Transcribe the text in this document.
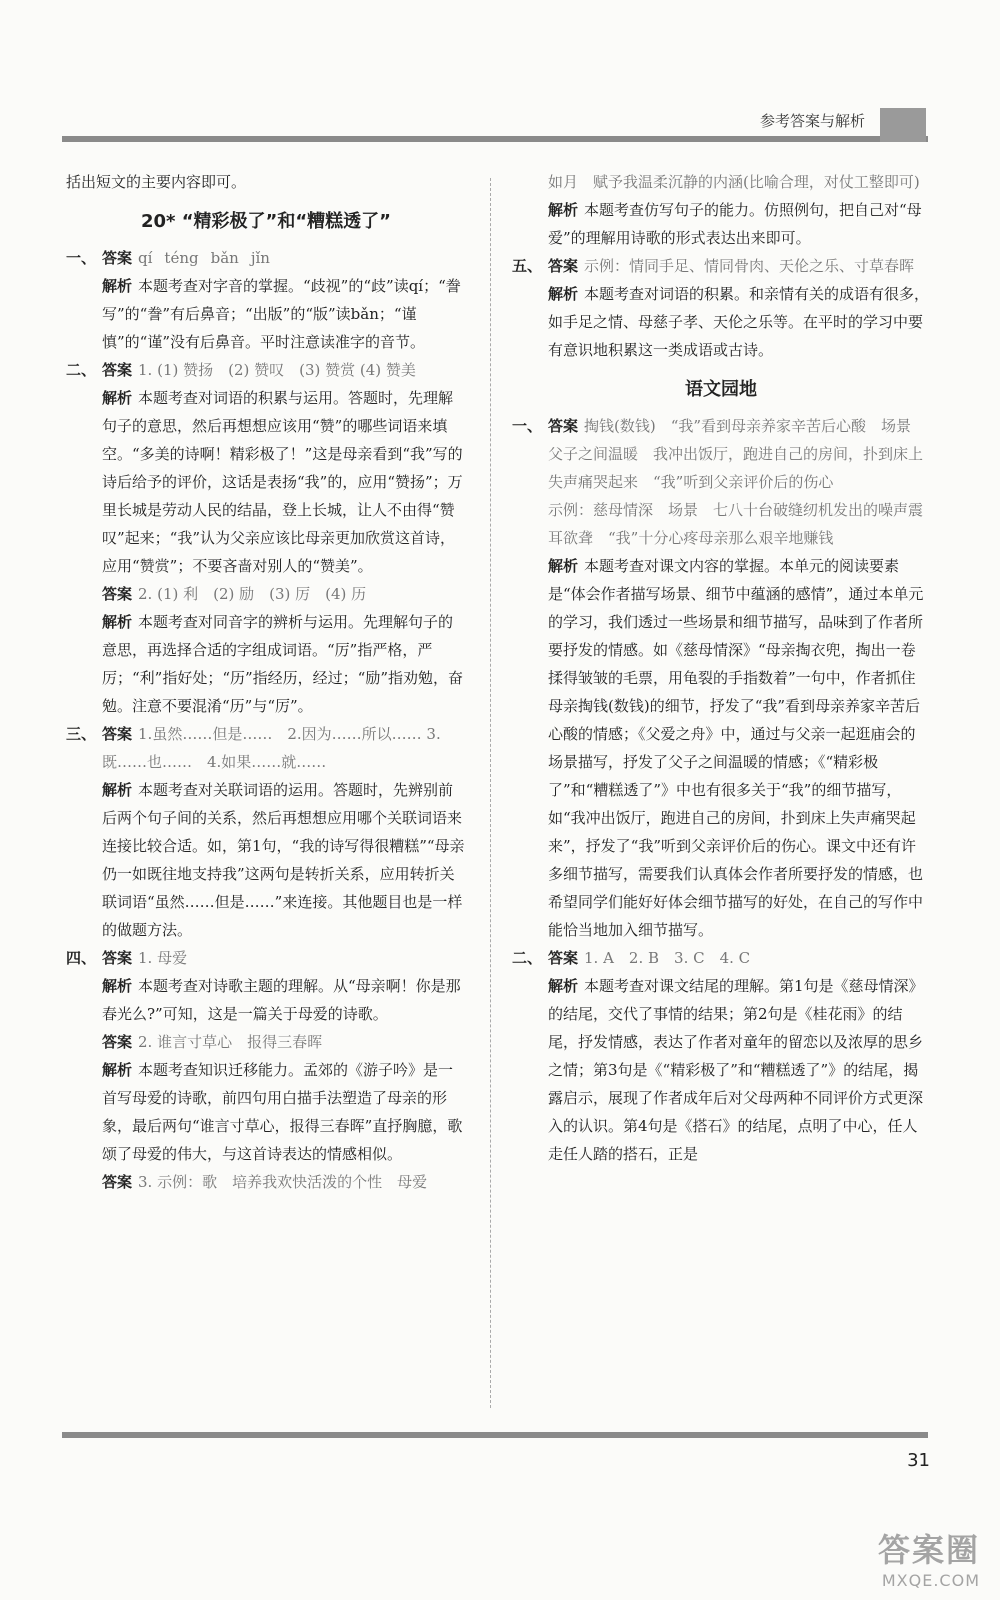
参考答案与解析

括出短文的主要内容即可。

20* “精彩极了”和“糟糕透了”
一、 答案 qí téng bǎn jǐn

解析 本题考查对字音的掌握。“歧视”的“歧”读qí；“誊写”的“誊”有后鼻音；“出版”的“版”读bǎn；“谨慎”的“谨”没有后鼻音。平时注意读准字的音节。

二、 答案 1. (1) 赞扬　(2) 赞叹　(3) 赞赏 (4) 赞美

解析 本题考查对词语的积累与运用。答题时，先理解句子的意思，然后再想想应该用“赞”的哪些词语来填空。“多美的诗啊！精彩极了！”这是母亲看到“我”写的诗后给予的评价，这话是表扬“我”的，应用“赞扬”；万里长城是劳动人民的结晶，登上长城，让人不由得“赞叹”起来；“我”认为父亲应该比母亲更加欣赏这首诗，应用“赞赏”；不要吝啬对别人的“赞美”。

答案 2. (1) 利　(2) 励　(3) 厉　(4) 历

解析 本题考查对同音字的辨析与运用。先理解句子的意思，再选择合适的字组成词语。“厉”指严格，严厉；“利”指好处；“历”指经历，经过；“励”指劝勉，奋勉。注意不要混淆“历”与“厉”。

三、 答案 1.虽然……但是……　2.因为……所以…… 3.既……也……　4.如果……就……

解析 本题考查对关联词语的运用。答题时，先辨别前后两个句子间的关系，然后再想想应用哪个关联词语来连接比较合适。如，第1句，“我的诗写得很糟糕”“母亲仍一如既往地支持我”这两句是转折关系，应用转折关联词语“虽然……但是……”来连接。其他题目也是一样的做题方法。

四、 答案 1. 母爱

解析 本题考查对诗歌主题的理解。从“母亲啊！你是那春光么?”可知，这是一篇关于母爱的诗歌。

答案 2. 谁言寸草心　报得三春晖

解析 本题考查知识迁移能力。孟郊的《游子吟》是一首写母爱的诗歌，前四句用白描手法塑造了母亲的形象，最后两句“谁言寸草心，报得三春晖”直抒胸臆，歌颂了母爱的伟大，与这首诗表达的情感相似。

答案 3. 示例：歌　培养我欢快活泼的个性　母爱

如月　赋予我温柔沉静的内涵(比喻合理，对仗工整即可)

解析 本题考查仿写句子的能力。仿照例句，把自己对“母爱”的理解用诗歌的形式表达出来即可。

五、 答案 示例：情同手足、情同骨肉、天伦之乐、寸草春晖

解析 本题考查对词语的积累。和亲情有关的成语有很多，如手足之情、母慈子孝、天伦之乐等。在平时的学习中要有意识地积累这一类成语或古诗。

语文园地
一、 答案 掏钱(数钱)　“我”看到母亲养家辛苦后心酸　场景　父子之间温暖　我冲出饭厅，跑进自己的房间，扑到床上失声痛哭起来　“我”听到父亲评价后的伤心

示例：慈母情深　场景　七八十台破缝纫机发出的噪声震耳欲聋　“我”十分心疼母亲那么艰辛地赚钱

解析 本题考查对课文内容的掌握。本单元的阅读要素是“体会作者描写场景、细节中蕴涵的感情”，通过本单元的学习，我们透过一些场景和细节描写，品味到了作者所要抒发的情感。如《慈母情深》“母亲掏衣兜，掏出一卷揉得皱皱的毛票，用龟裂的手指数着”一句中，作者抓住母亲掏钱(数钱)的细节，抒发了“我”看到母亲养家辛苦后心酸的情感；《父爱之舟》中，通过与父亲一起逛庙会的场景描写，抒发了父子之间温暖的情感；《“精彩极了”和“糟糕透了”》中也有很多关于“我”的细节描写，如“我冲出饭厅，跑进自己的房间，扑到床上失声痛哭起来”，抒发了“我”听到父亲评价后的伤心。课文中还有许多细节描写，需要我们认真体会作者所要抒发的情感，也希望同学们能好好体会细节描写的好处，在自己的写作中能恰当地加入细节描写。

二、 答案 1. A　2. B　3. C　4. C

解析 本题考查对课文结尾的理解。第1句是《慈母情深》的结尾，交代了事情的结果；第2句是《桂花雨》的结尾，抒发情感，表达了作者对童年的留恋以及浓厚的思乡之情；第3句是《“精彩极了”和“糟糕透了”》的结尾，揭露启示，展现了作者成年后对父母两种不同评价方式更深入的认识。第4句是《搭石》的结尾，点明了中心，任人走任人踏的搭石，正是

31
答案圈
MXQE.COM
